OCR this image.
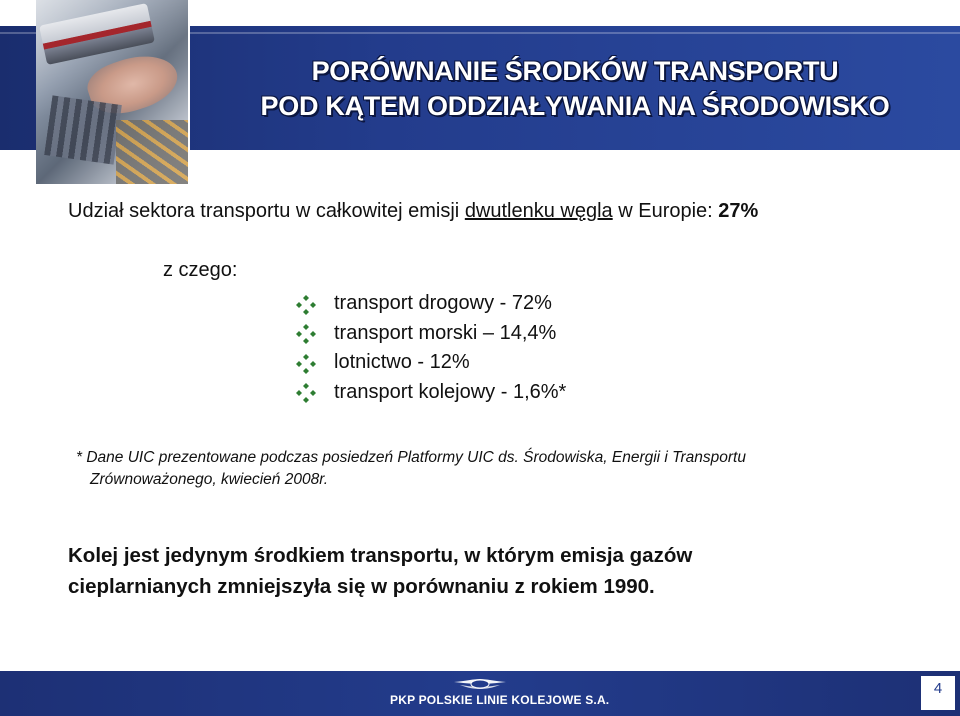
PORÓWNANIE ŚRODKÓW TRANSPORTU
POD KĄTEM ODDZIAŁYWANIA NA ŚRODOWISKO
Udział sektora transportu w całkowitej emisji dwutlenku węgla w Europie: 27%
z czego:
transport drogowy - 72%
transport morski – 14,4%
lotnictwo - 12%
transport kolejowy - 1,6%*
* Dane UIC prezentowane podczas posiedzeń Platformy UIC ds. Środowiska, Energii i Transportu
Zrównoważonego, kwiecień 2008r.
Kolej jest jedynym środkiem transportu, w którym emisja gazów
cieplarnianych zmniejszyła się w porównaniu z rokiem 1990.
PKP POLSKIE LINIE KOLEJOWE S.A.
4
